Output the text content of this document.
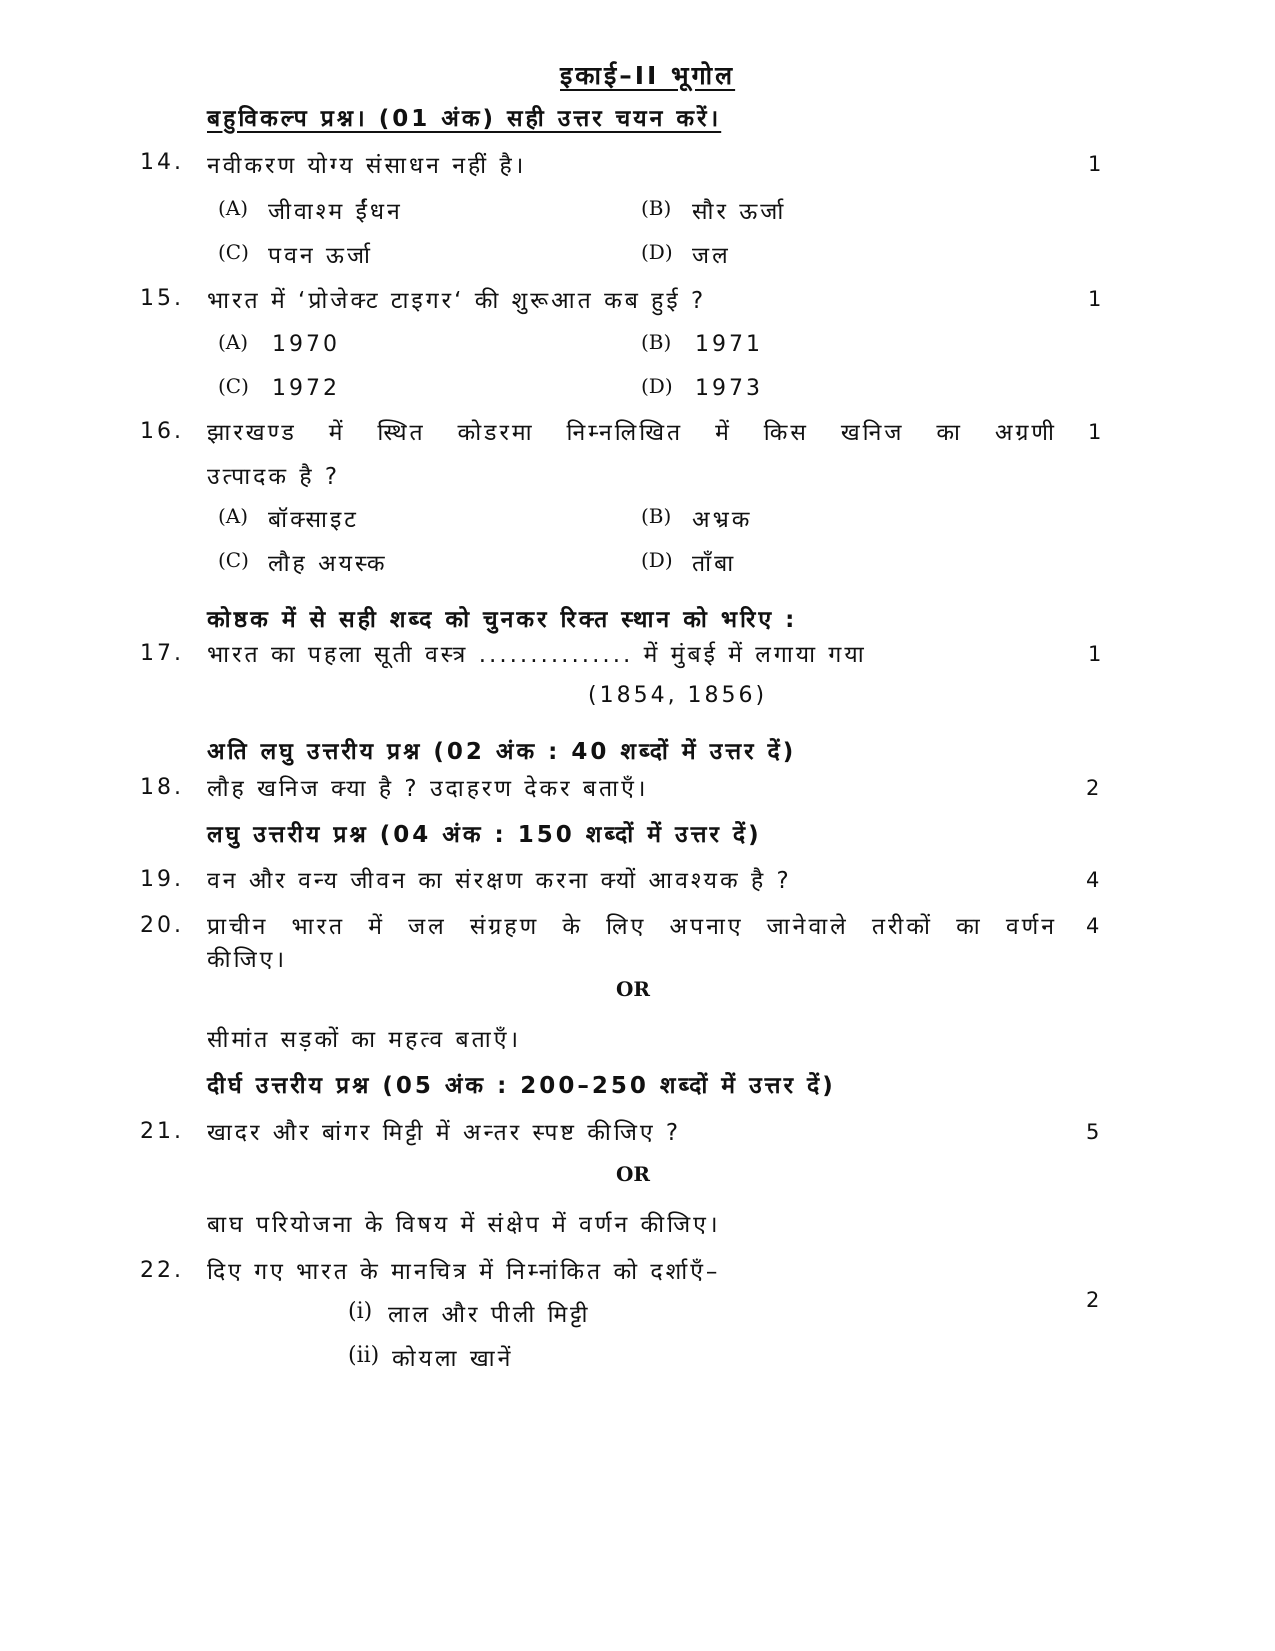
इकाई–II भूगोल
बहुविकल्प प्रश्न। (01 अंक) सही उत्तर चयन करें।
14. नवीकरण योग्य संसाधन नहीं है।	1
(A) जीवाश्म ईंधन	(B) सौर ऊर्जा
(C) पवन ऊर्जा	(D) जल
15. भारत में ‘प्रोजेक्ट टाइगर‘ की शुरूआत कब हुई ?	1
(A) 1970	(B) 1971
(C) 1972	(D) 1973
16. झारखण्ड में स्थित कोडरमा निम्नलिखित में किस खनिज का अग्रणी 1
उत्पादक है ?
(A) बॉक्साइट	(B) अभ्रक
(C) लौह अयस्क	(D) ताँबा
कोष्ठक में से सही शब्द को चुनकर रिक्त स्थान को भरिए :
17. भारत का पहला सूती वस्त्र ............... में मुंबई में लगाया गया	1
(1854, 1856)
अति लघु उत्तरीय प्रश्न (02 अंक : 40 शब्दों में उत्तर दें)
18. लौह खनिज क्या है ? उदाहरण देकर बताएँ।	2
लघु उत्तरीय प्रश्न (04 अंक : 150 शब्दों में उत्तर दें)
19. वन और वन्य जीवन का संरक्षण करना क्यों आवश्यक है ?	4
20. प्राचीन भारत में जल संग्रहण के लिए अपनाए जानेवाले तरीकों का वर्णन 4
कीजिए।
OR
सीमांत सड़कों का महत्व बताएँ।
दीर्घ उत्तरीय प्रश्न (05 अंक : 200–250 शब्दों में उत्तर दें)
21. खादर और बांगर मिट्टी में अन्तर स्पष्ट कीजिए ?	5
OR
बाघ परियोजना के विषय में संक्षेप में वर्णन कीजिए।
22. दिए गए भारत के मानचित्र में निम्नांकित को दर्शाएँ–
2
(i) लाल और पीली मिट्टी
(ii) कोयला खानें
